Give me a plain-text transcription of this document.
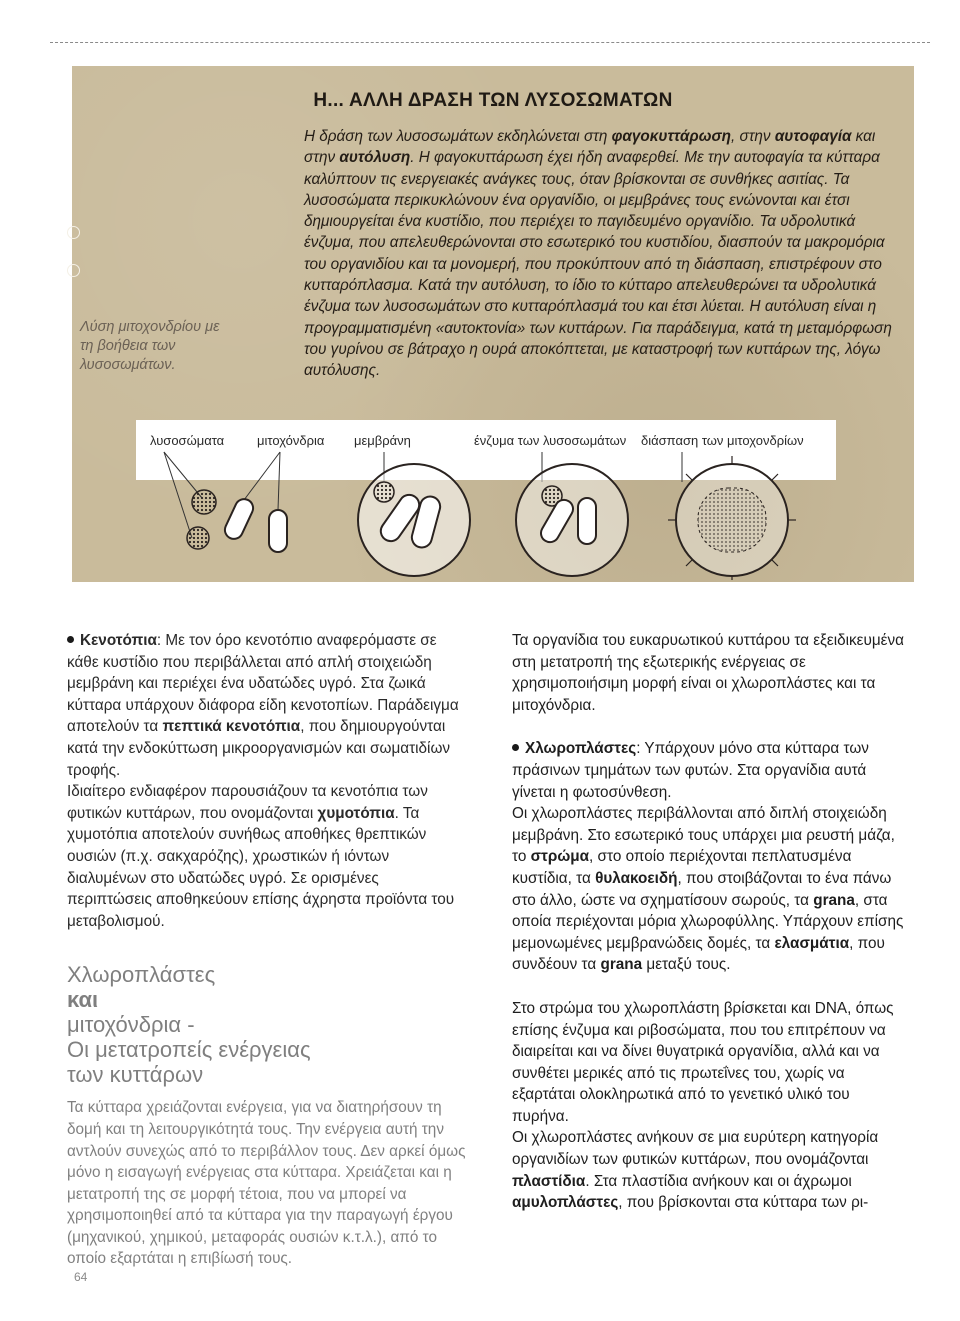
Η... ΑΛΛΗ ΔΡΑΣΗ ΤΩΝ ΛΥΣΟΣΩΜΑΤΩΝ
Η δράση των λυσοσωμάτων εκδηλώνεται στη φαγοκυττάρωση, στην αυτοφαγία και στην αυτόλυση. Η φαγοκυττάρωση έχει ήδη αναφερθεί. Με την αυτοφαγία τα κύτταρα καλύπτουν τις ενεργειακές ανάγκες τους, όταν βρίσκονται σε συνθήκες ασιτίας. Τα λυσοσώματα περικυκλώνουν ένα οργανίδιο, οι μεμβράνες τους ενώνονται και έτσι δημιουργείται ένα κυστίδιο, που περιέχει το παγιδευμένο οργανίδιο. Τα υδρολυτικά ένζυμα, που απελευθερώνονται στο εσωτερικό του κυστιδίου, διασπούν τα μακρομόρια του οργανιδίου και τα μονομερή, που προκύπτουν από τη διάσπαση, επιστρέφουν στο κυτταρόπλασμα. Κατά την αυτόλυση, το ίδιο το κύτταρο απελευθερώνει τα υδρολυτικά ένζυμα των λυσοσωμάτων στο κυτταρόπλασμά του και έτσι λύεται. Η αυτόλυση είναι η προγραμματισμένη «αυτοκτονία» των κυττάρων. Για παράδειγμα, κατά τη μεταμόρφωση του γυρίνου σε βάτραχο η ουρά αποκόπτεται, με καταστροφή των κυττάρων της, λόγω αυτόλυσης.
Λύση μιτοχονδρίου με τη βοήθεια των λυσοσωμάτων.
λυσοσώματα	μιτοχόνδρια μεμβράνη	ένζυμα των λυσοσωμάτων διάσπαση των μιτοχονδρίων

Κενοτόπια: Με τον όρο κενοτόπιο αναφερόμαστε σε κάθε κυστίδιο που περιβάλλεται από απλή στοιχειώδη μεμβράνη και περιέχει ένα υδατώδες υγρό. Στα ζωικά κύτταρα υπάρχουν διάφορα είδη κενοτοπίων. Παράδειγμα αποτελούν τα πεπτικά κενοτόπια, που δημιουργούνται κατά την ενδοκύττωση μικροοργανισμών και σωματιδίων τροφής.

Ιδιαίτερο ενδιαφέρον παρουσιάζουν τα κενοτόπια των φυτικών κυττάρων, που ονομάζονται χυμοτόπια. Τα χυμοτόπια αποτελούν συνήθως αποθήκες θρεπτικών ουσιών (π.χ. σακχαρόζης), χρωστικών ή ιόντων διαλυμένων στο υδατώδες υγρό. Σε ορισμένες περιπτώσεις αποθηκεύουν επίσης άχρηστα προϊόντα του μεταβολισμού.

Χλωροπλάστες
και
μιτοχόνδρια -
Οι μετατροπείς ενέργειας
των κυττάρων

Τα κύτταρα χρειάζονται ενέργεια, για να διατηρήσουν τη δομή και τη λειτουργικότητά τους. Την ενέργεια αυτή την αντλούν συνεχώς από το περιβάλλον τους. Δεν αρκεί όμως μόνο η εισαγωγή ενέργειας στα κύτταρα. Χρειάζεται και η μετατροπή της σε μορφή τέτοια, που να μπορεί να χρησιμοποιηθεί από τα κύτταρα για την παραγωγή έργου (μηχανικού, χημικού, μεταφοράς ουσιών κ.τ.λ.), από το οποίο εξαρτάται η επιβίωσή τους.

Τα οργανίδια του ευκαρυωτικού κυττάρου τα εξειδικευμένα στη μετατροπή της εξωτερικής ενέργειας σε χρησιμοποιήσιμη μορφή είναι οι χλωροπλάστες και τα μιτοχόνδρια.

Χλωροπλάστες: Υπάρχουν μόνο στα κύτταρα των πράσινων τμημάτων των φυτών. Στα οργανίδια αυτά γίνεται η φωτοσύνθεση.

Οι χλωροπλάστες περιβάλλονται από διπλή στοιχειώδη μεμβράνη. Στο εσωτερικό τους υπάρχει μια ρευστή μάζα, το στρώμα, στο οποίο περιέχονται πεπλατυσμένα κυστίδια, τα θυλακοειδή, που στοιβάζονται το ένα πάνω στο άλλο, ώστε να σχηματίσουν σωρούς, τα grana, στα οποία περιέχονται μόρια χλωροφύλλης. Υπάρχουν επίσης μεμονωμένες μεμβρανώδεις δομές, τα ελασμάτια, που συνδέουν τα grana μεταξύ τους.

Στο στρώμα του χλωροπλάστη βρίσκεται και DNA, όπως επίσης ένζυμα και ριβοσώματα, που του επιτρέπουν να διαιρείται και να δίνει θυγατρικά οργανίδια, αλλά και να συνθέτει μερικές από τις πρωτεΐνες του, χωρίς να εξαρτάται ολοκληρωτικά από το γενετικό υλικό του πυρήνα.

Οι χλωροπλάστες ανήκουν σε μια ευρύτερη κατηγορία οργανιδίων των φυτικών κυττάρων, που ονομάζονται πλαστίδια. Στα πλαστίδια ανήκουν και οι άχρωμοι αμυλοπλάστες, που βρίσκονται στα κύτταρα των ρι-

64
